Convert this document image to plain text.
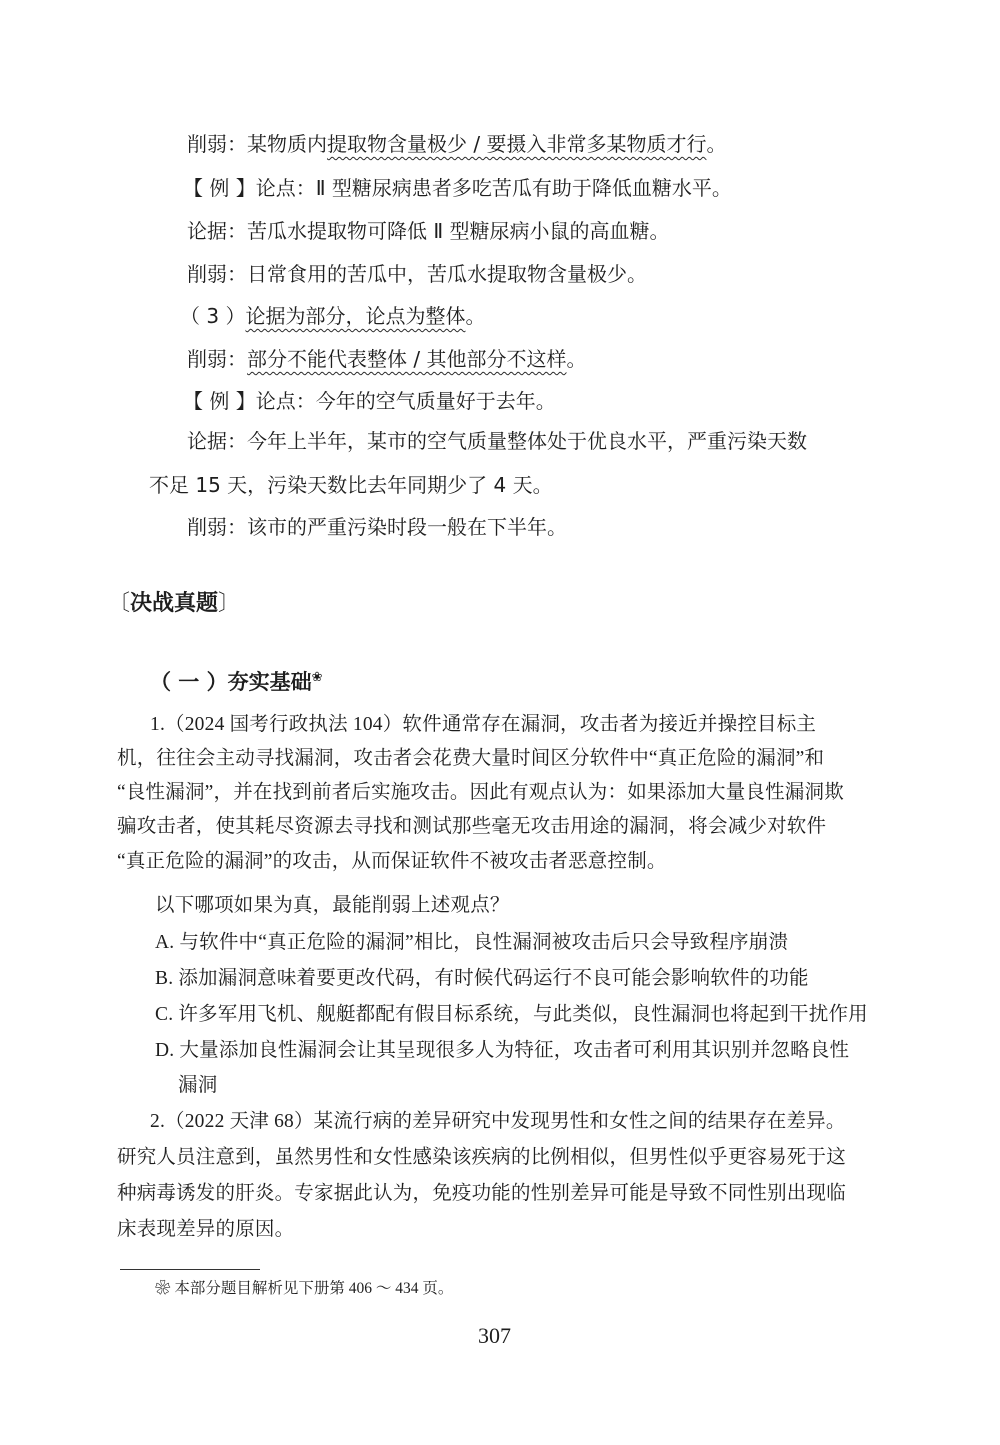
削弱：某物质内提取物含量极少 / 要摄入非常多某物质才行。
【 例 】论点：Ⅱ 型糖尿病患者多吃苦瓜有助于降低血糖水平。
论据：苦瓜水提取物可降低 Ⅱ 型糖尿病小鼠的高血糖。
削弱：日常食用的苦瓜中，苦瓜水提取物含量极少。
（ 3 ）论据为部分，论点为整体。
削弱：部分不能代表整体 / 其他部分不这样。
【 例 】论点：今年的空气质量好于去年。
论据：今年上半年，某市的空气质量整体处于优良水平，严重污染天数
不足 15 天，污染天数比去年同期少了 4 天。
削弱：该市的严重污染时段一般在下半年。
〔决战真题〕
（ 一 ）夯实基础❀
1.（2024 国考行政执法 104）软件通常存在漏洞，攻击者为接近并操控目标主
机，往往会主动寻找漏洞，攻击者会花费大量时间区分软件中“真正危险的漏洞”和
“良性漏洞”，并在找到前者后实施攻击。因此有观点认为：如果添加大量良性漏洞欺
骗攻击者，使其耗尽资源去寻找和测试那些毫无攻击用途的漏洞，将会减少对软件
“真正危险的漏洞”的攻击，从而保证软件不被攻击者恶意控制。
以下哪项如果为真，最能削弱上述观点？
A. 与软件中“真正危险的漏洞”相比，良性漏洞被攻击后只会导致程序崩溃
B. 添加漏洞意味着要更改代码，有时候代码运行不良可能会影响软件的功能
C. 许多军用飞机、舰艇都配有假目标系统，与此类似，良性漏洞也将起到干扰作用
D. 大量添加良性漏洞会让其呈现很多人为特征，攻击者可利用其识别并忽略良性
漏洞
2.（2022 天津 68）某流行病的差异研究中发现男性和女性之间的结果存在差异。
研究人员注意到，虽然男性和女性感染该疾病的比例相似，但男性似乎更容易死于这
种病毒诱发的肝炎。专家据此认为，免疫功能的性别差异可能是导致不同性别出现临
床表现差异的原因。
❀ 本部分题目解析见下册第 406 ～ 434 页。
307
